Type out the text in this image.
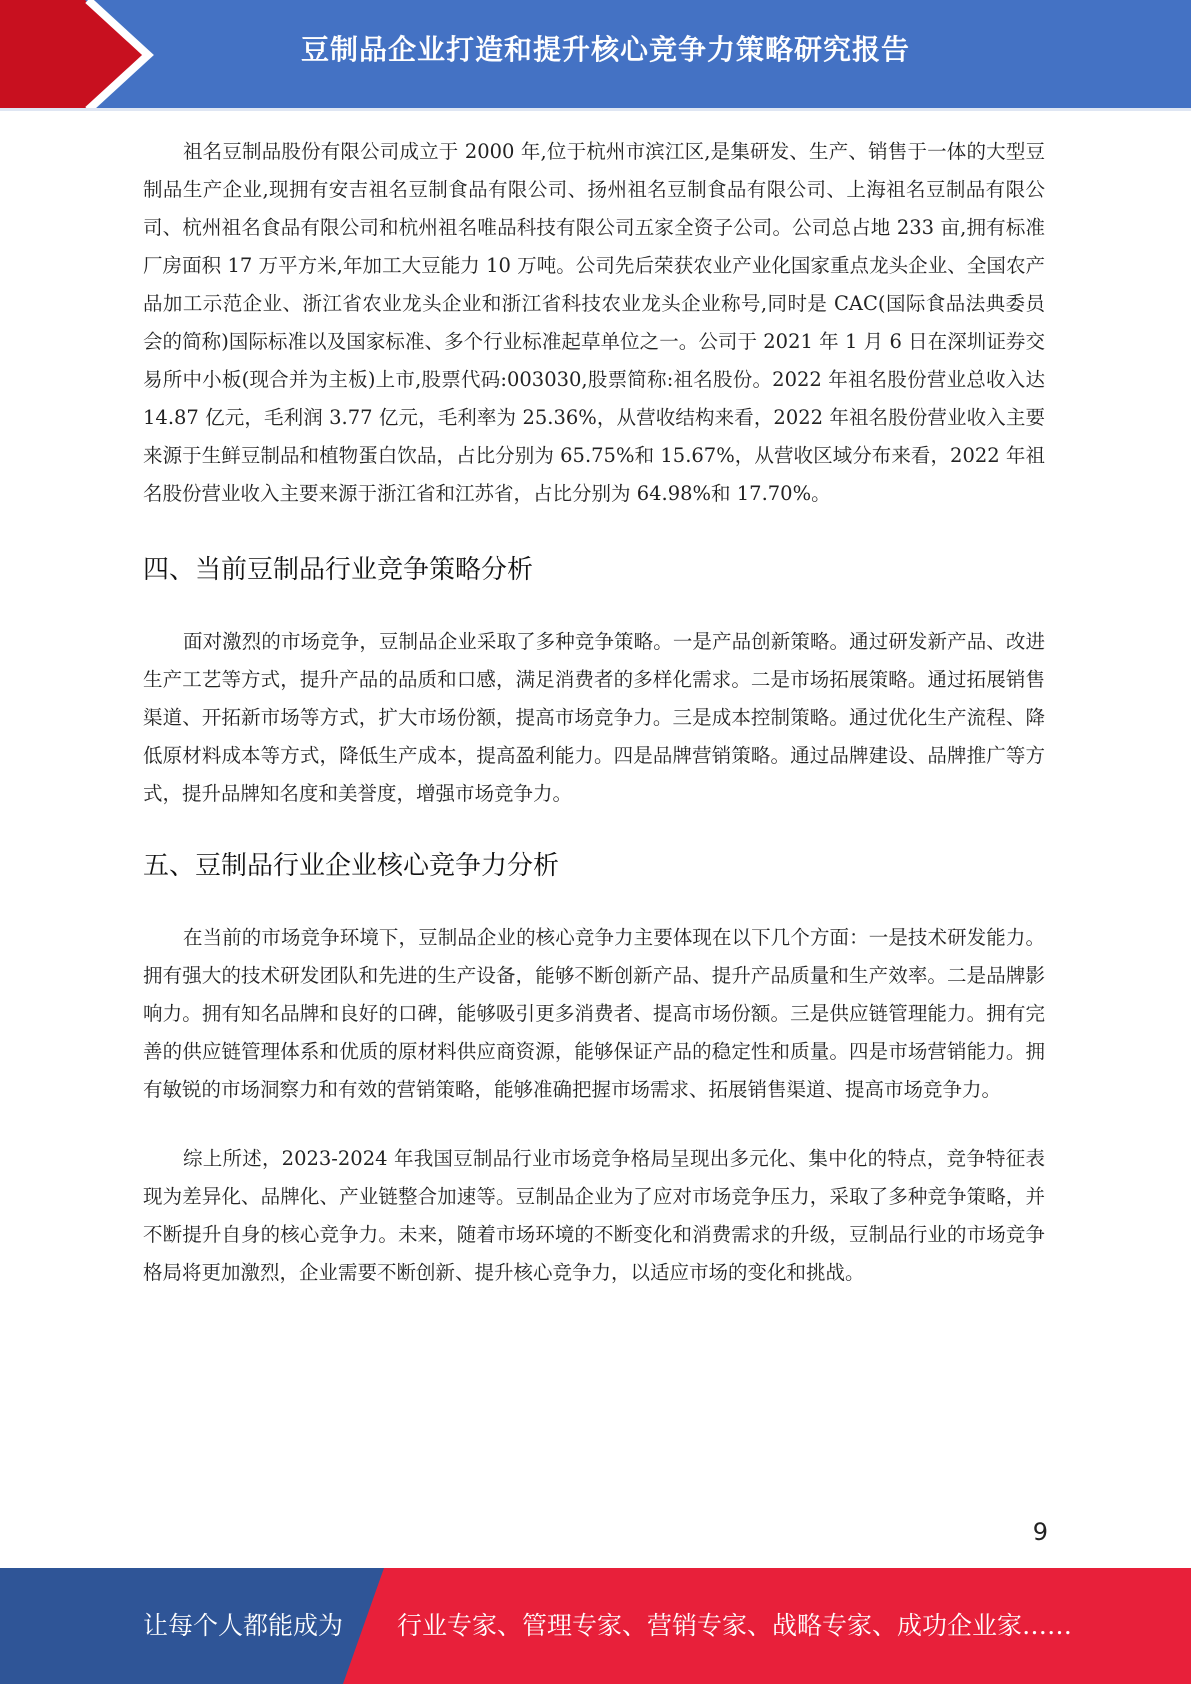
豆制品企业打造和提升核心竞争力策略研究报告

祖名豆制品股份有限公司成立于 2000 年,位于杭州市滨江区,是集研发、生产、销售于一体的大型豆制品生产企业,现拥有安吉祖名豆制食品有限公司、扬州祖名豆制食品有限公司、上海祖名豆制品有限公司、杭州祖名食品有限公司和杭州祖名唯品科技有限公司五家全资子公司。公司总占地 233 亩,拥有标准厂房面积 17 万平方米,年加工大豆能力 10 万吨。公司先后荣获农业产业化国家重点龙头企业、全国农产品加工示范企业、浙江省农业龙头企业和浙江省科技农业龙头企业称号,同时是 CAC(国际食品法典委员会的简称)国际标准以及国家标准、多个行业标准起草单位之一。公司于 2021 年 1 月 6 日在深圳证券交易所中小板(现合并为主板)上市,股票代码:003030,股票简称:祖名股份。2022 年祖名股份营业总收入达 14.87 亿元，毛利润 3.77 亿元，毛利率为 25.36%，从营收结构来看，2022 年祖名股份营业收入主要来源于生鲜豆制品和植物蛋白饮品，占比分别为 65.75%和 15.67%，从营收区域分布来看，2022 年祖名股份营业收入主要来源于浙江省和江苏省，占比分别为 64.98%和 17.70%。

四、当前豆制品行业竞争策略分析

面对激烈的市场竞争，豆制品企业采取了多种竞争策略。一是产品创新策略。通过研发新产品、改进生产工艺等方式，提升产品的品质和口感，满足消费者的多样化需求。二是市场拓展策略。通过拓展销售渠道、开拓新市场等方式，扩大市场份额，提高市场竞争力。三是成本控制策略。通过优化生产流程、降低原材料成本等方式，降低生产成本，提高盈利能力。四是品牌营销策略。通过品牌建设、品牌推广等方式，提升品牌知名度和美誉度，增强市场竞争力。

五、豆制品行业企业核心竞争力分析

在当前的市场竞争环境下，豆制品企业的核心竞争力主要体现在以下几个方面：一是技术研发能力。拥有强大的技术研发团队和先进的生产设备，能够不断创新产品、提升产品质量和生产效率。二是品牌影响力。拥有知名品牌和良好的口碑，能够吸引更多消费者、提高市场份额。三是供应链管理能力。拥有完善的供应链管理体系和优质的原材料供应商资源，能够保证产品的稳定性和质量。四是市场营销能力。拥有敏锐的市场洞察力和有效的营销策略，能够准确把握市场需求、拓展销售渠道、提高市场竞争力。

综上所述，2023-2024 年我国豆制品行业市场竞争格局呈现出多元化、集中化的特点，竞争特征表现为差异化、品牌化、产业链整合加速等。豆制品企业为了应对市场竞争压力，采取了多种竞争策略，并不断提升自身的核心竞争力。未来，随着市场环境的不断变化和消费需求的升级，豆制品行业的市场竞争格局将更加激烈，企业需要不断创新、提升核心竞争力，以适应市场的变化和挑战。

9
让每个人都能成为 行业专家、管理专家、营销专家、战略专家、成功企业家……
